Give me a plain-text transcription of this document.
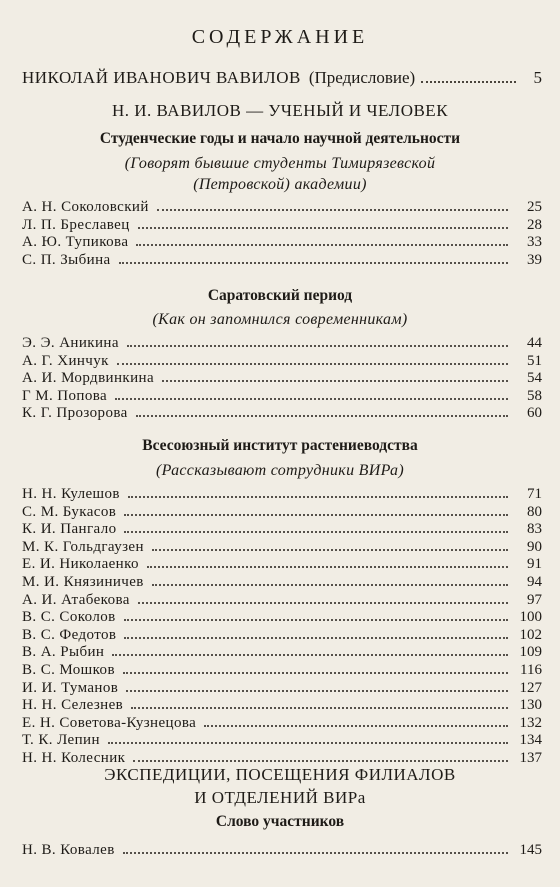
СОДЕРЖАНИЕ
НИКОЛАЙ ИВАНОВИЧ ВАВИЛОВ (Предисловие)	5
Н. И. ВАВИЛОВ — УЧЕНЫЙ И ЧЕЛОВЕК
Студенческие годы и начало научной деятельности
(Говорят бывшие студенты Тимирязевской
(Петровской) академии)
А. Н. Соколовский	25
Л. П. Бреславец	28
А. Ю. Тупикова	33
С. П. Зыбина	39
Саратовский период
(Как он запомнился современникам)
Э. Э. Аникина	44
А. Г. Хинчук	51
А. И. Мордвинкина	54
Г М. Попова	58
К. Г. Прозорова	60
Всесоюзный институт растениеводства
(Рассказывают сотрудники ВИРа)
Н. Н. Кулешов	71
С. М. Букасов	80
К. И. Пангало	83
М. К. Гольдгаузен	90
Е. И. Николаенко	91
М. И. Князиничев	94
А. И. Атабекова	97
В. С. Соколов	100
В. С. Федотов	102
В. А. Рыбин	109
В. С. Мошков	116
И. И. Туманов	127
Н. Н. Селезнев	130
Е. Н. Советова-Кузнецова	132
Т. К. Лепин	134
Н. Н. Колесник	137
ЭКСПЕДИЦИИ, ПОСЕЩЕНИЯ ФИЛИАЛОВ
И ОТДЕЛЕНИЙ ВИРа
Слово участников
Н. В. Ковалев	145
